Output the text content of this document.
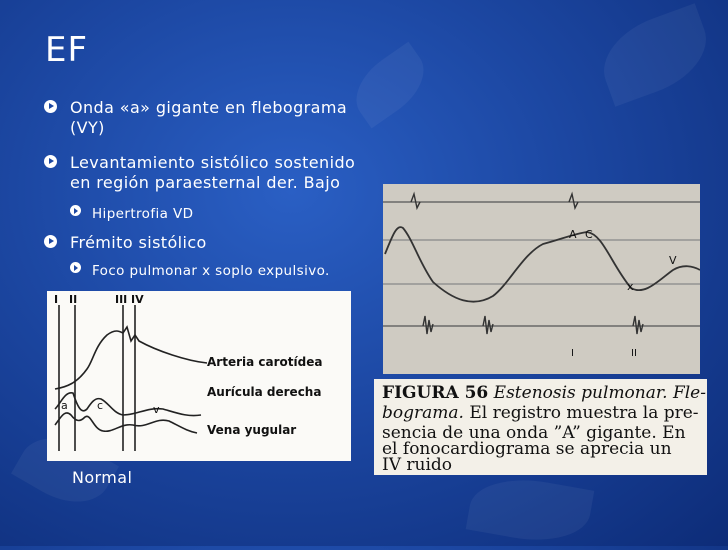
EF
Onda «a» gigante en flebograma
(VY)
Levantamiento sistólico sostenido
en región paraesternal der. Bajo
Hipertrofia VD
Frémito sistólico
Foco pulmonar x soplo expulsivo.
I II	III IV
Arteria carotídea
Aurícula derecha
Vena yugular
a	c	v
Normal
A C
V
x
I	II
FIGURA 56 Estenosis pulmonar. Fle-
bograma. El registro muestra la pre-
sencia de una onda ”A” gigante. En
el fonocardiograma se aprecia un
IV ruido
